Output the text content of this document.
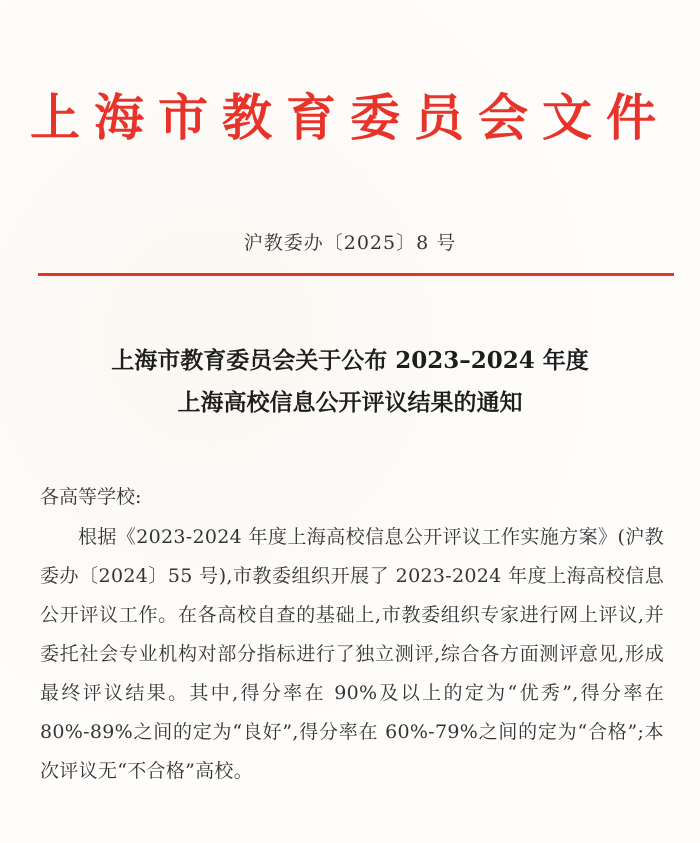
上海市教育委员会文件
沪教委办〔2025〕8 号
上海市教育委员会关于公布 2023–2024 年度
上海高校信息公开评议结果的通知
各高等学校:
根据《2023-2024 年度上海高校信息公开评议工作实施方案》(沪教委办〔2024〕55 号),市教委组织开展了 2023-2024 年度上海高校信息公开评议工作。在各高校自查的基础上,市教委组织专家进行网上评议,并委托社会专业机构对部分指标进行了独立测评,综合各方面测评意见,形成最终评议结果。其中,得分率在 90%及以上的定为“优秀”,得分率在 80%-89%之间的定为“良好”,得分率在 60%-79%之间的定为“合格”;本次评议无“不合格”高校。
